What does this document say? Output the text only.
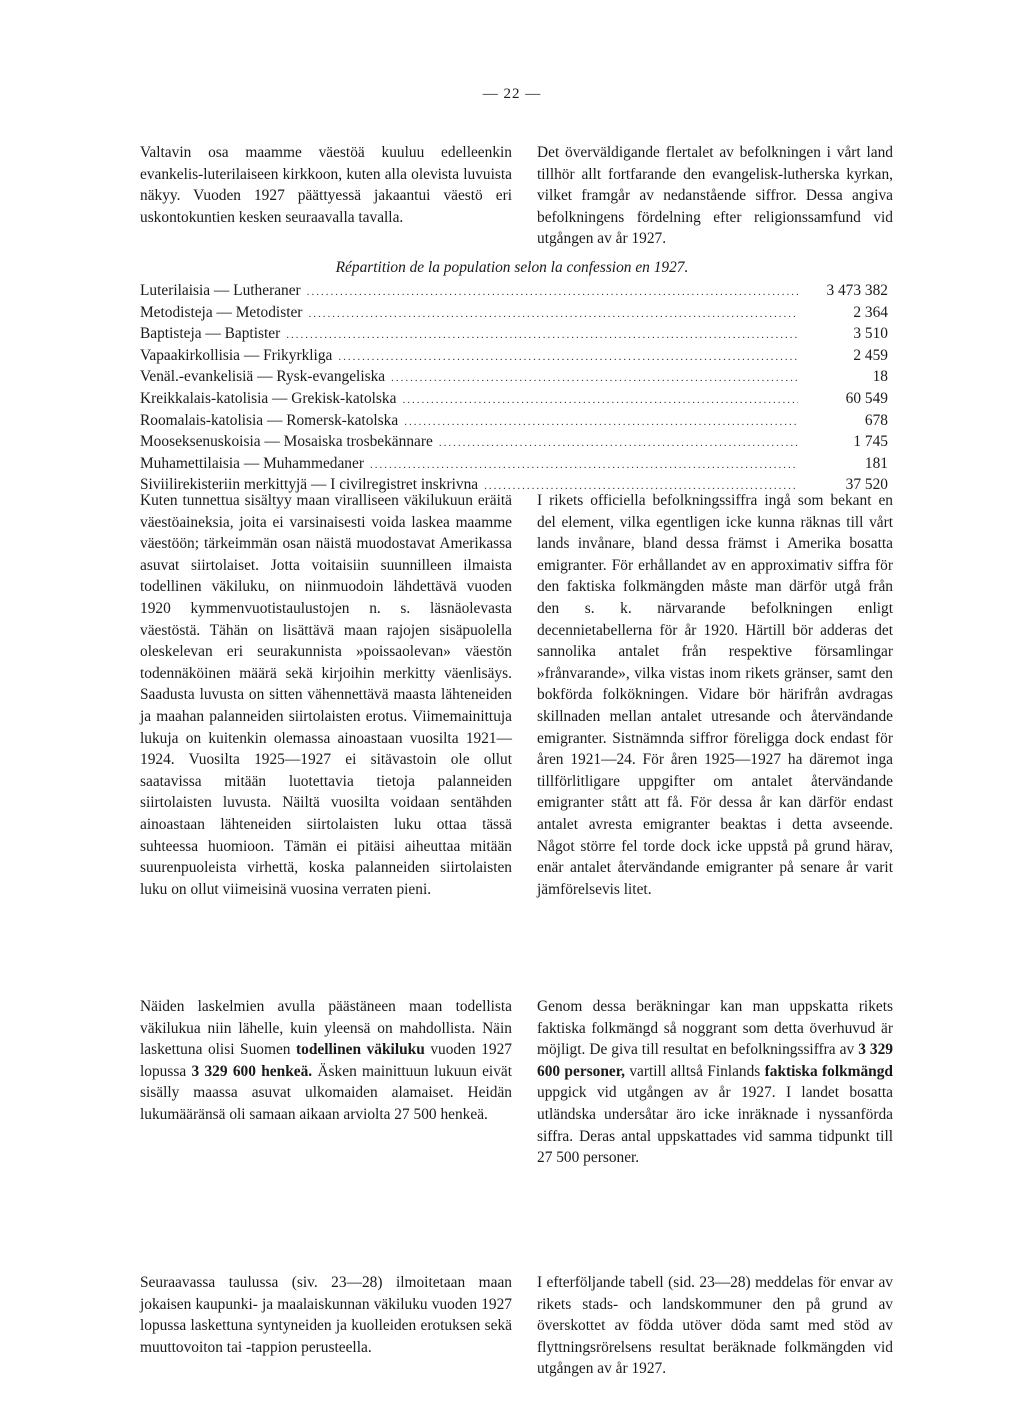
— 22 —

Valtavin osa maamme väestöä kuuluu edelleenkin evankelis-luterilaiseen kirkkoon, kuten alla olevista luvuista näkyy. Vuoden 1927 päättyessä jakaantui väestö eri uskontokuntien kesken seuraavalla tavalla.

Det överväldigande flertalet av befolkningen i vårt land tillhör allt fortfarande den evangelisk-lutherska kyrkan, vilket framgår av nedanstående siffror. Dessa angiva befolkningens fördelning efter religionssamfund vid utgången av år 1927.

Répartition de la population selon la confession en 1927.
Luterilaisia — Lutheraner .....	3 473 382
Metodisteja — Metodister .....	2 364
Baptisteja — Baptister .....	3 510
Vapaakirkollisia — Frikyrkliga .....	2 459
Venäl.-evankelisiä — Rysk-evangeliska .....	18
Kreikkalais-katolisia — Grekisk-katolska .....	60 549
Roomalais-katolisia — Romersk-katolska .....	678
Mooseksenuskoisia — Mosaiska trosbekännare .....	1 745
Muhamettilaisia — Muhammedaner .....	181
Siviilirekisteriin merkittyjä — I civilregistret inskrivna .....	37 520

Kuten tunnettua sisältyy maan viralliseen väkilukuun eräitä väestöaineksia, joita ei varsinaisesti voida laskea maamme väestöön; tärkeimmän osan näistä muodostavat Amerikassa asuvat siirtolaiset. Jotta voitaisiin suunnilleen ilmaista todellinen väkiluku, on niinmuodoin lähdettävä vuoden 1920 kymmenvuotistaulustojen n. s. läsnäolevasta väestöstä. Tähän on lisättävä maan rajojen sisäpuolella oleskelevan eri seurakunnista »poissaolevan» väestön todennäköinen määrä sekä kirjoihin merkitty väenlisäys. Saadusta luvusta on sitten vähennettävä maasta lähteneiden ja maahan palanneiden siirtolaisten erotus. Viimemainittuja lukuja on kuitenkin olemassa ainoastaan vuosilta 1921—1924. Vuosilta 1925—1927 ei sitävastoin ole ollut saatavissa mitään luotettavia tietoja palanneiden siirtolaisten luvusta. Näiltä vuosilta voidaan sentähden ainoastaan lähteneiden siirtolaisten luku ottaa tässä suhteessa huomioon. Tämän ei pitäisi aiheuttaa mitään suurenpuoleista virhettä, koska palanneiden siirtolaisten luku on ollut viimeisinä vuosina verraten pieni.

I rikets officiella befolkningssiffra ingå som bekant en del element, vilka egentligen icke kunna räknas till vårt lands invånare, bland dessa främst i Amerika bosatta emigranter. För erhållandet av en approximativ siffra för den faktiska folkmängden måste man därför utgå från den s. k. närvarande befolkningen enligt decennietabellerna för år 1920. Härtill bör adderas det sannolika antalet från respektive församlingar »frånvarande», vilka vistas inom rikets gränser, samt den bokförda folkökningen. Vidare bör härifrån avdragas skillnaden mellan antalet utresande och återvändande emigranter. Sistnämnda siffror föreligga dock endast för åren 1921—24. För åren 1925—1927 ha däremot inga tillförlitligare uppgifter om antalet återvändande emigranter stått att få. För dessa år kan därför endast antalet avresta emigranter beaktas i detta avseende. Något större fel torde dock icke uppstå på grund härav, enär antalet återvändande emigranter på senare år varit jämförelsevis litet.

Näiden laskelmien avulla päästäneen maan todellista väkilukua niin lähelle, kuin yleensä on mahdollista. Näin laskettuna olisi Suomen todellinen väkiluku vuoden 1927 lopussa 3 329 600 henkeä. Äsken mainittuun lukuun eivät sisälly maassa asuvat ulkomaiden alamaiset. Heidän lukumääränsä oli samaan aikaan arviolta 27 500 henkeä.

Genom dessa beräkningar kan man uppskatta rikets faktiska folkmängd så noggrant som detta överhuvud är möjligt. De giva till resultat en befolkningssiffra av 3 329 600 personer, vartill alltså Finlands faktiska folkmängd uppgick vid utgången av år 1927. I landet bosatta utländska undersåtar äro icke inräknade i nyssanförda siffra. Deras antal uppskattades vid samma tidpunkt till 27 500 personer.

Seuraavassa taulussa (siv. 23—28) ilmoitetaan maan jokaisen kaupunki- ja maalaiskunnan väkiluku vuoden 1927 lopussa laskettuna syntyneiden ja kuolleiden erotuksen sekä muuttovoiton tai -tappion perusteella.

I efterföljande tabell (sid. 23—28) meddelas för envar av rikets stads- och landskommuner den på grund av överskottet av födda utöver döda samt med stöd av flyttningsrörelsens resultat beräknade folkmängden vid utgången av år 1927.
